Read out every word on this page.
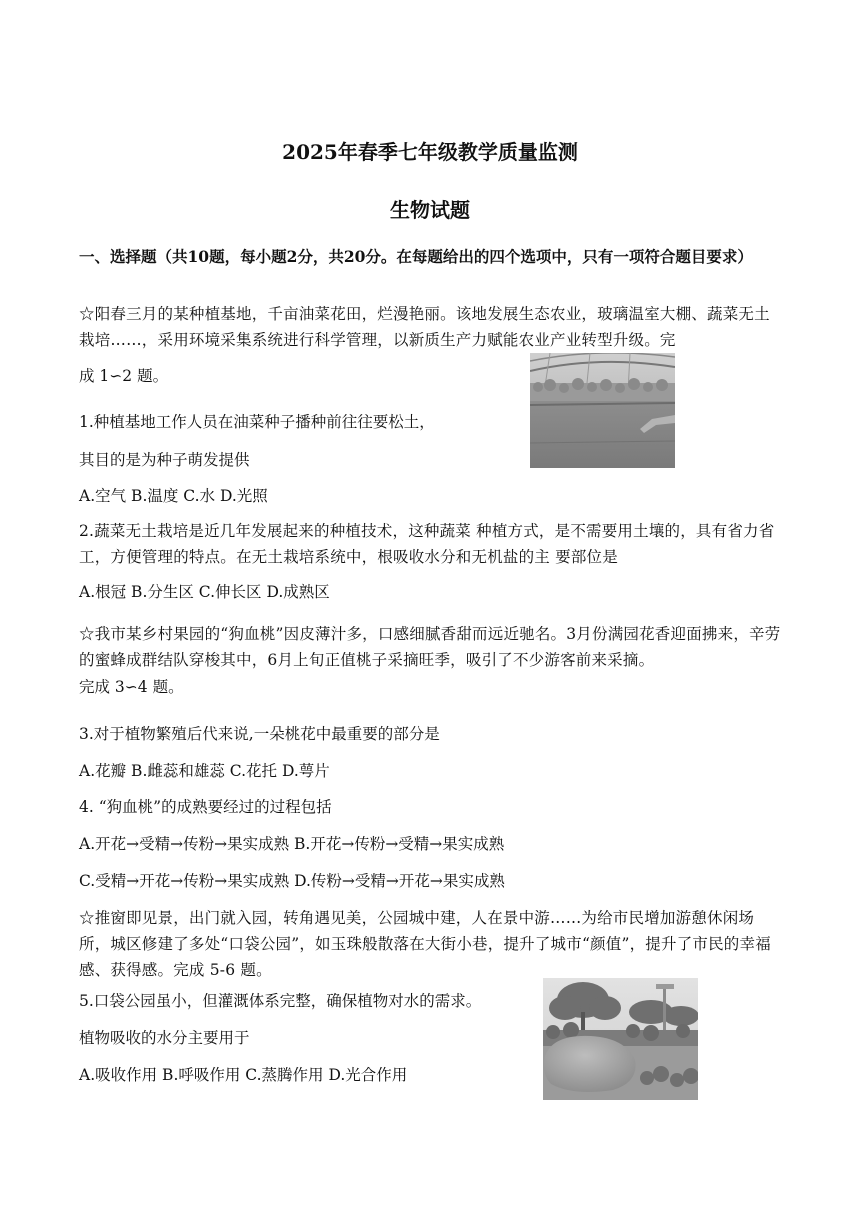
2025年春季七年级教学质量监测
生物试题
一、选择题（共10题，每小题2分，共20分。在每题给出的四个选项中，只有一项符合题目要求）
☆阳春三月的某种植基地，千亩油菜花田，烂漫艳丽。该地发展生态农业，玻璃温室大棚、蔬菜无土栽培……，采用环境采集系统进行科学管理，以新质生产力赋能农业产业转型升级。完
成 1∽2 题。
1.种植基地工作人员在油菜种子播种前往往要松土，
其目的是为种子萌发提供
A.空气 B.温度 C.水 D.光照
2.蔬菜无土栽培是近几年发展起来的种植技术，这种蔬菜 种植方式，是不需要用土壤的，具有省力省工，方便管理的特点。在无土栽培系统中，根吸收水分和无机盐的主 要部位是
A.根冠 B.分生区 C.伸长区 D.成熟区
☆我市某乡村果园的“狗血桃”因皮薄汁多，口感细腻香甜而远近驰名。3月份满园花香迎面拂来，辛劳的蜜蜂成群结队穿梭其中，6月上旬正值桃子采摘旺季，吸引了不少游客前来采摘。
完成 3∽4 题。
3.对于植物繁殖后代来说,一朵桃花中最重要的部分是
A.花瓣 B.雌蕊和雄蕊 C.花托 D.萼片
4. “狗血桃”的成熟要经过的过程包括
A.开花→受精→传粉→果实成熟 B.开花→传粉→受精→果实成熟
C.受精→开花→传粉→果实成熟 D.传粉→受精→开花→果实成熟
☆推窗即见景，出门就入园，转角遇见美，公园城中建，人在景中游……为给市民增加游憩休闲场所，城区修建了多处“口袋公园”，如玉珠般散落在大街小巷，提升了城市“颜值”，提升了市民的幸福感、获得感。完成 5-6 题。
5.口袋公园虽小，但灌溉体系完整，确保植物对水的需求。
植物吸收的水分主要用于
A.吸收作用 B.呼吸作用 C.蒸腾作用 D.光合作用
